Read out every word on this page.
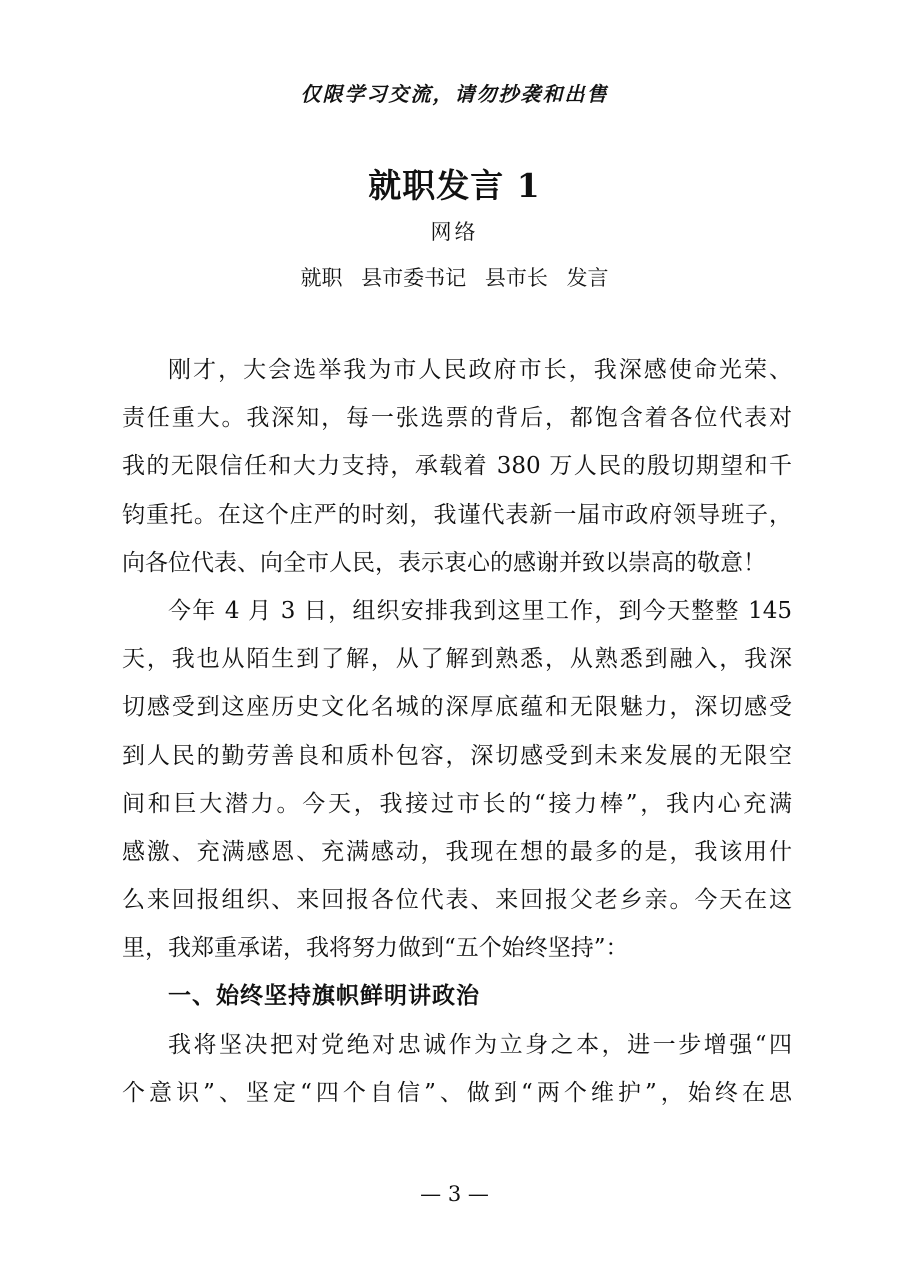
仅限学习交流，请勿抄袭和出售
就职发言 1
网络
就职 县市委书记 县市长 发言
刚才，大会选举我为市人民政府市长，我深感使命光荣、
责任重大。我深知，每一张选票的背后，都饱含着各位代表对
我的无限信任和大力支持，承载着 380 万人民的殷切期望和千
钧重托。在这个庄严的时刻，我谨代表新一届市政府领导班子，
向各位代表、向全市人民，表示衷心的感谢并致以崇高的敬意！
今年 4 月 3 日，组织安排我到这里工作，到今天整整 145
天，我也从陌生到了解，从了解到熟悉，从熟悉到融入，我深
切感受到这座历史文化名城的深厚底蕴和无限魅力，深切感受
到人民的勤劳善良和质朴包容，深切感受到未来发展的无限空
间和巨大潜力。今天，我接过市长的“接力棒”，我内心充满
感激、充满感恩、充满感动，我现在想的最多的是，我该用什
么来回报组织、来回报各位代表、来回报父老乡亲。今天在这
里，我郑重承诺，我将努力做到“五个始终坚持”：
一、始终坚持旗帜鲜明讲政治
我将坚决把对党绝对忠诚作为立身之本，进一步增强“四
个意识”、坚定“四个自信”、做到“两个维护”，始终在思
— 3 —
